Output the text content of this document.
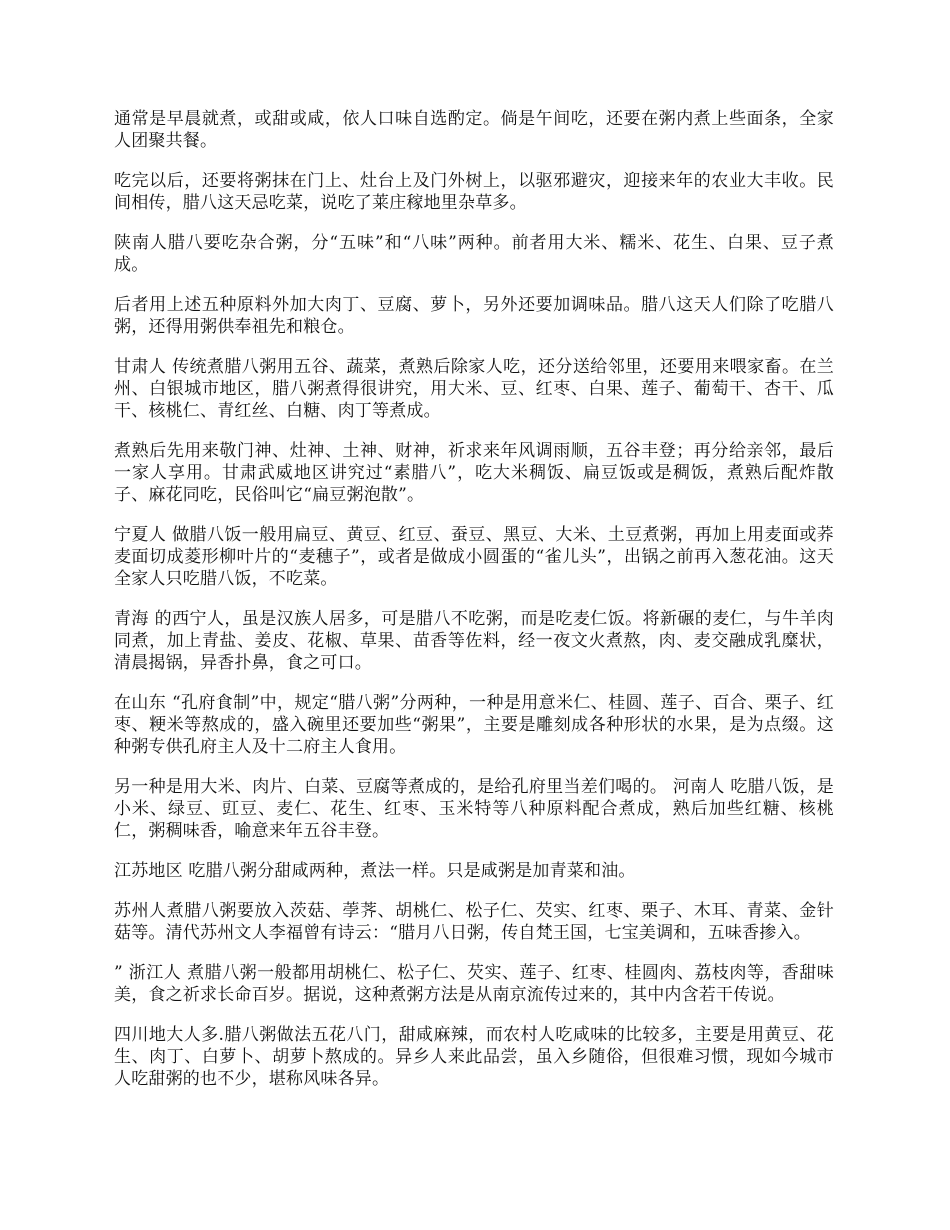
通常是早晨就煮，或甜或咸，依人口味自选酌定。倘是午间吃，还要在粥内煮上些面条，全家人团聚共餐。

吃完以后，还要将粥抹在门上、灶台上及门外树上，以驱邪避灾，迎接来年的农业大丰收。民间相传，腊八这天忌吃菜，说吃了莱庄稼地里杂草多。

陕南人腊八要吃杂合粥，分“五味”和“八味”两种。前者用大米、糯米、花生、白果、豆子煮成。

后者用上述五种原料外加大肉丁、豆腐、萝卜，另外还要加调味品。腊八这天人们除了吃腊八粥，还得用粥供奉祖先和粮仓。

甘肃人 传统煮腊八粥用五谷、蔬菜，煮熟后除家人吃，还分送给邻里，还要用来喂家畜。在兰州、白银城市地区，腊八粥煮得很讲究，用大米、豆、红枣、白果、莲子、葡萄干、杏干、瓜干、核桃仁、青红丝、白糖、肉丁等煮成。

煮熟后先用来敬门神、灶神、土神、财神，祈求来年风调雨顺，五谷丰登；再分给亲邻，最后一家人享用。甘肃武威地区讲究过“素腊八”，吃大米稠饭、扁豆饭或是稠饭，煮熟后配炸散子、麻花同吃，民俗叫它“扁豆粥泡散”。

宁夏人 做腊八饭一般用扁豆、黄豆、红豆、蚕豆、黑豆、大米、土豆煮粥，再加上用麦面或荞麦面切成菱形柳叶片的“麦穗子”，或者是做成小圆蛋的“雀儿头”，出锅之前再入葱花油。这天全家人只吃腊八饭，不吃菜。

青海 的西宁人，虽是汉族人居多，可是腊八不吃粥，而是吃麦仁饭。将新碾的麦仁，与牛羊肉同煮，加上青盐、姜皮、花椒、草果、苗香等佐料，经一夜文火煮熬，肉、麦交融成乳糜状，清晨揭锅，异香扑鼻，食之可口。

在山东 “孔府食制”中，规定“腊八粥”分两种，一种是用意米仁、桂圆、莲子、百合、栗子、红枣、粳米等熬成的，盛入碗里还要加些“粥果”，主要是雕刻成各种形状的水果，是为点缀。这种粥专供孔府主人及十二府主人食用。

另一种是用大米、肉片、白菜、豆腐等煮成的，是给孔府里当差们喝的。 河南人 吃腊八饭，是小米、绿豆、豇豆、麦仁、花生、红枣、玉米特等八种原料配合煮成，熟后加些红糖、核桃仁，粥稠味香，喻意来年五谷丰登。

江苏地区 吃腊八粥分甜咸两种，煮法一样。只是咸粥是加青菜和油。

苏州人煮腊八粥要放入茨菇、荸荠、胡桃仁、松子仁、芡实、红枣、栗子、木耳、青菜、金针菇等。清代苏州文人李福曾有诗云：“腊月八日粥，传自梵王国，七宝美调和，五味香掺入。

” 浙江人 煮腊八粥一般都用胡桃仁、松子仁、芡实、莲子、红枣、桂圆肉、荔枝肉等，香甜味美，食之祈求长命百岁。据说，这种煮粥方法是从南京流传过来的，其中内含若干传说。

四川地大人多.腊八粥做法五花八门，甜咸麻辣，而农村人吃咸味的比较多，主要是用黄豆、花生、肉丁、白萝卜、胡萝卜熬成的。异乡人来此品尝，虽入乡随俗，但很难习惯，现如今城市人吃甜粥的也不少，堪称风味各异。
